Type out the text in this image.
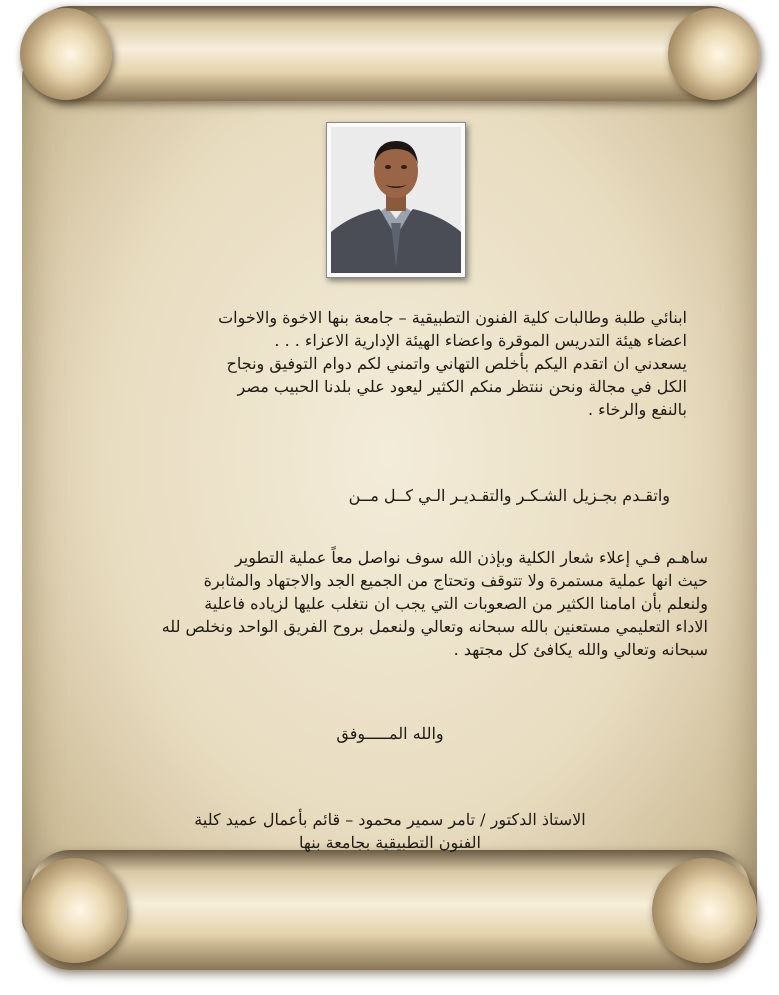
ابنائي طلبة وطالبات كلية الفنون التطبيقية – جامعة بنها الاخوة والاخوات
اعضاء هيئة التدريس الموقرة واعضاء الهيئة الإدارية الاعزاء . . .
يسعدني ان اتقدم اليكم بأخلص التهاني واتمني لكم دوام التوفيق ونجاح
الكل في مجالة ونحن ننتظر منكم الكثير ليعود علي بلدنا الحبيب مصر
بالنفع والرخاء .
واتقـدم بجـزيل الشـكـر والتقـديـر الـي كــل مــن
ساهـم فـي إعلاء شعار الكلية وبإذن الله سوف نواصل معاً عملية التطوير
حيث انها عملية مستمرة ولا تتوقف وتحتاج من الجميع الجد والاجتهاد والمثابرة
ولنعلم بأن امامنا الكثير من الصعوبات التي يجب ان نتغلب عليها لزياده فاعلية
الاداء التعليمي مستعنين بالله سبحانه وتعالي ولنعمل بروح الفريق الواحد ونخلص لله
سبحانه وتعالي والله يكافئ كل مجتهد .
والله المـــــوفق
الاستاذ الدكتور / تامر سمير محمود – قائم بأعمال عميد كلية
الفنون التطبيقية بجامعة بنها
